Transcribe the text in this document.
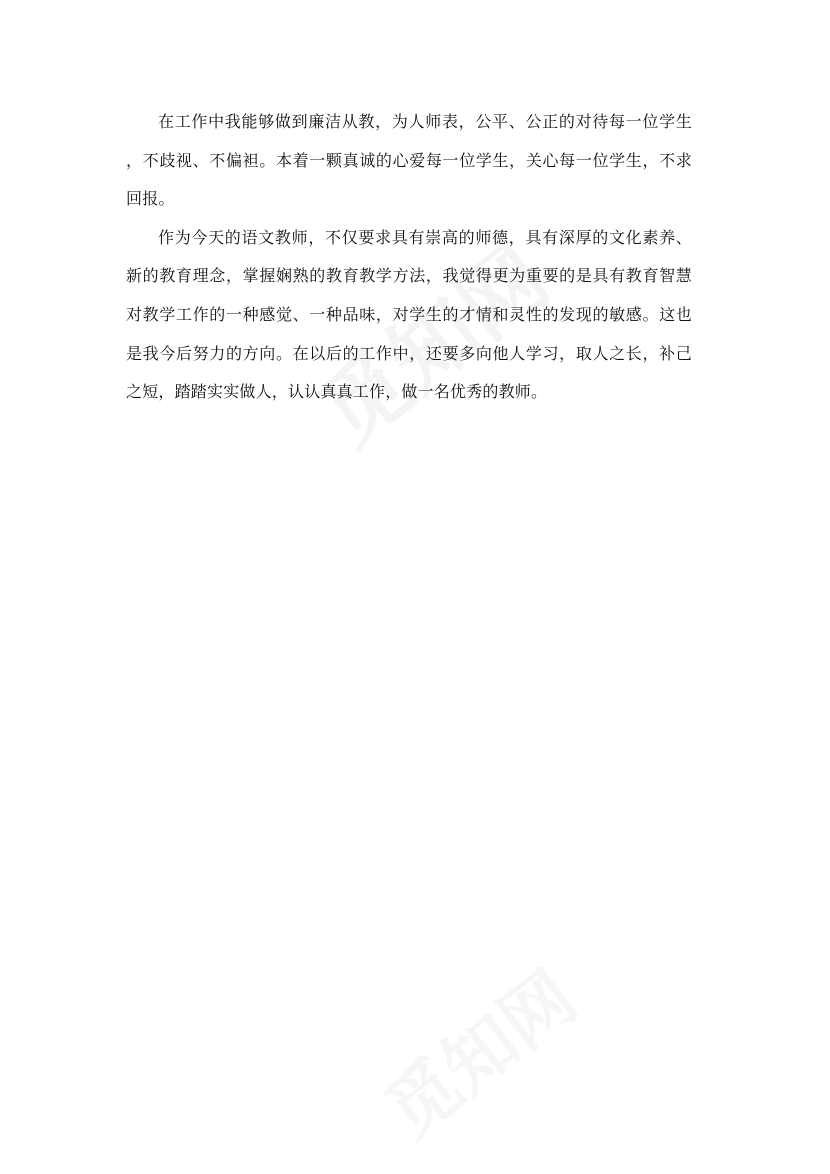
在工作中我能够做到廉洁从教，为人师表，公平、公正的对待每一位学生，不歧视、不偏袒。本着一颗真诚的心爱每一位学生，关心每一位学生，不求回报。

作为今天的语文教师，不仅要求具有崇高的师德，具有深厚的文化素养、新的教育理念，掌握娴熟的教育教学方法，我觉得更为重要的是具有教育智慧对教学工作的一种感觉、一种品味，对学生的才情和灵性的发现的敏感。这也是我今后努力的方向。在以后的工作中，还要多向他人学习，取人之长，补己之短，踏踏实实做人，认认真真工作，做一名优秀的教师。
